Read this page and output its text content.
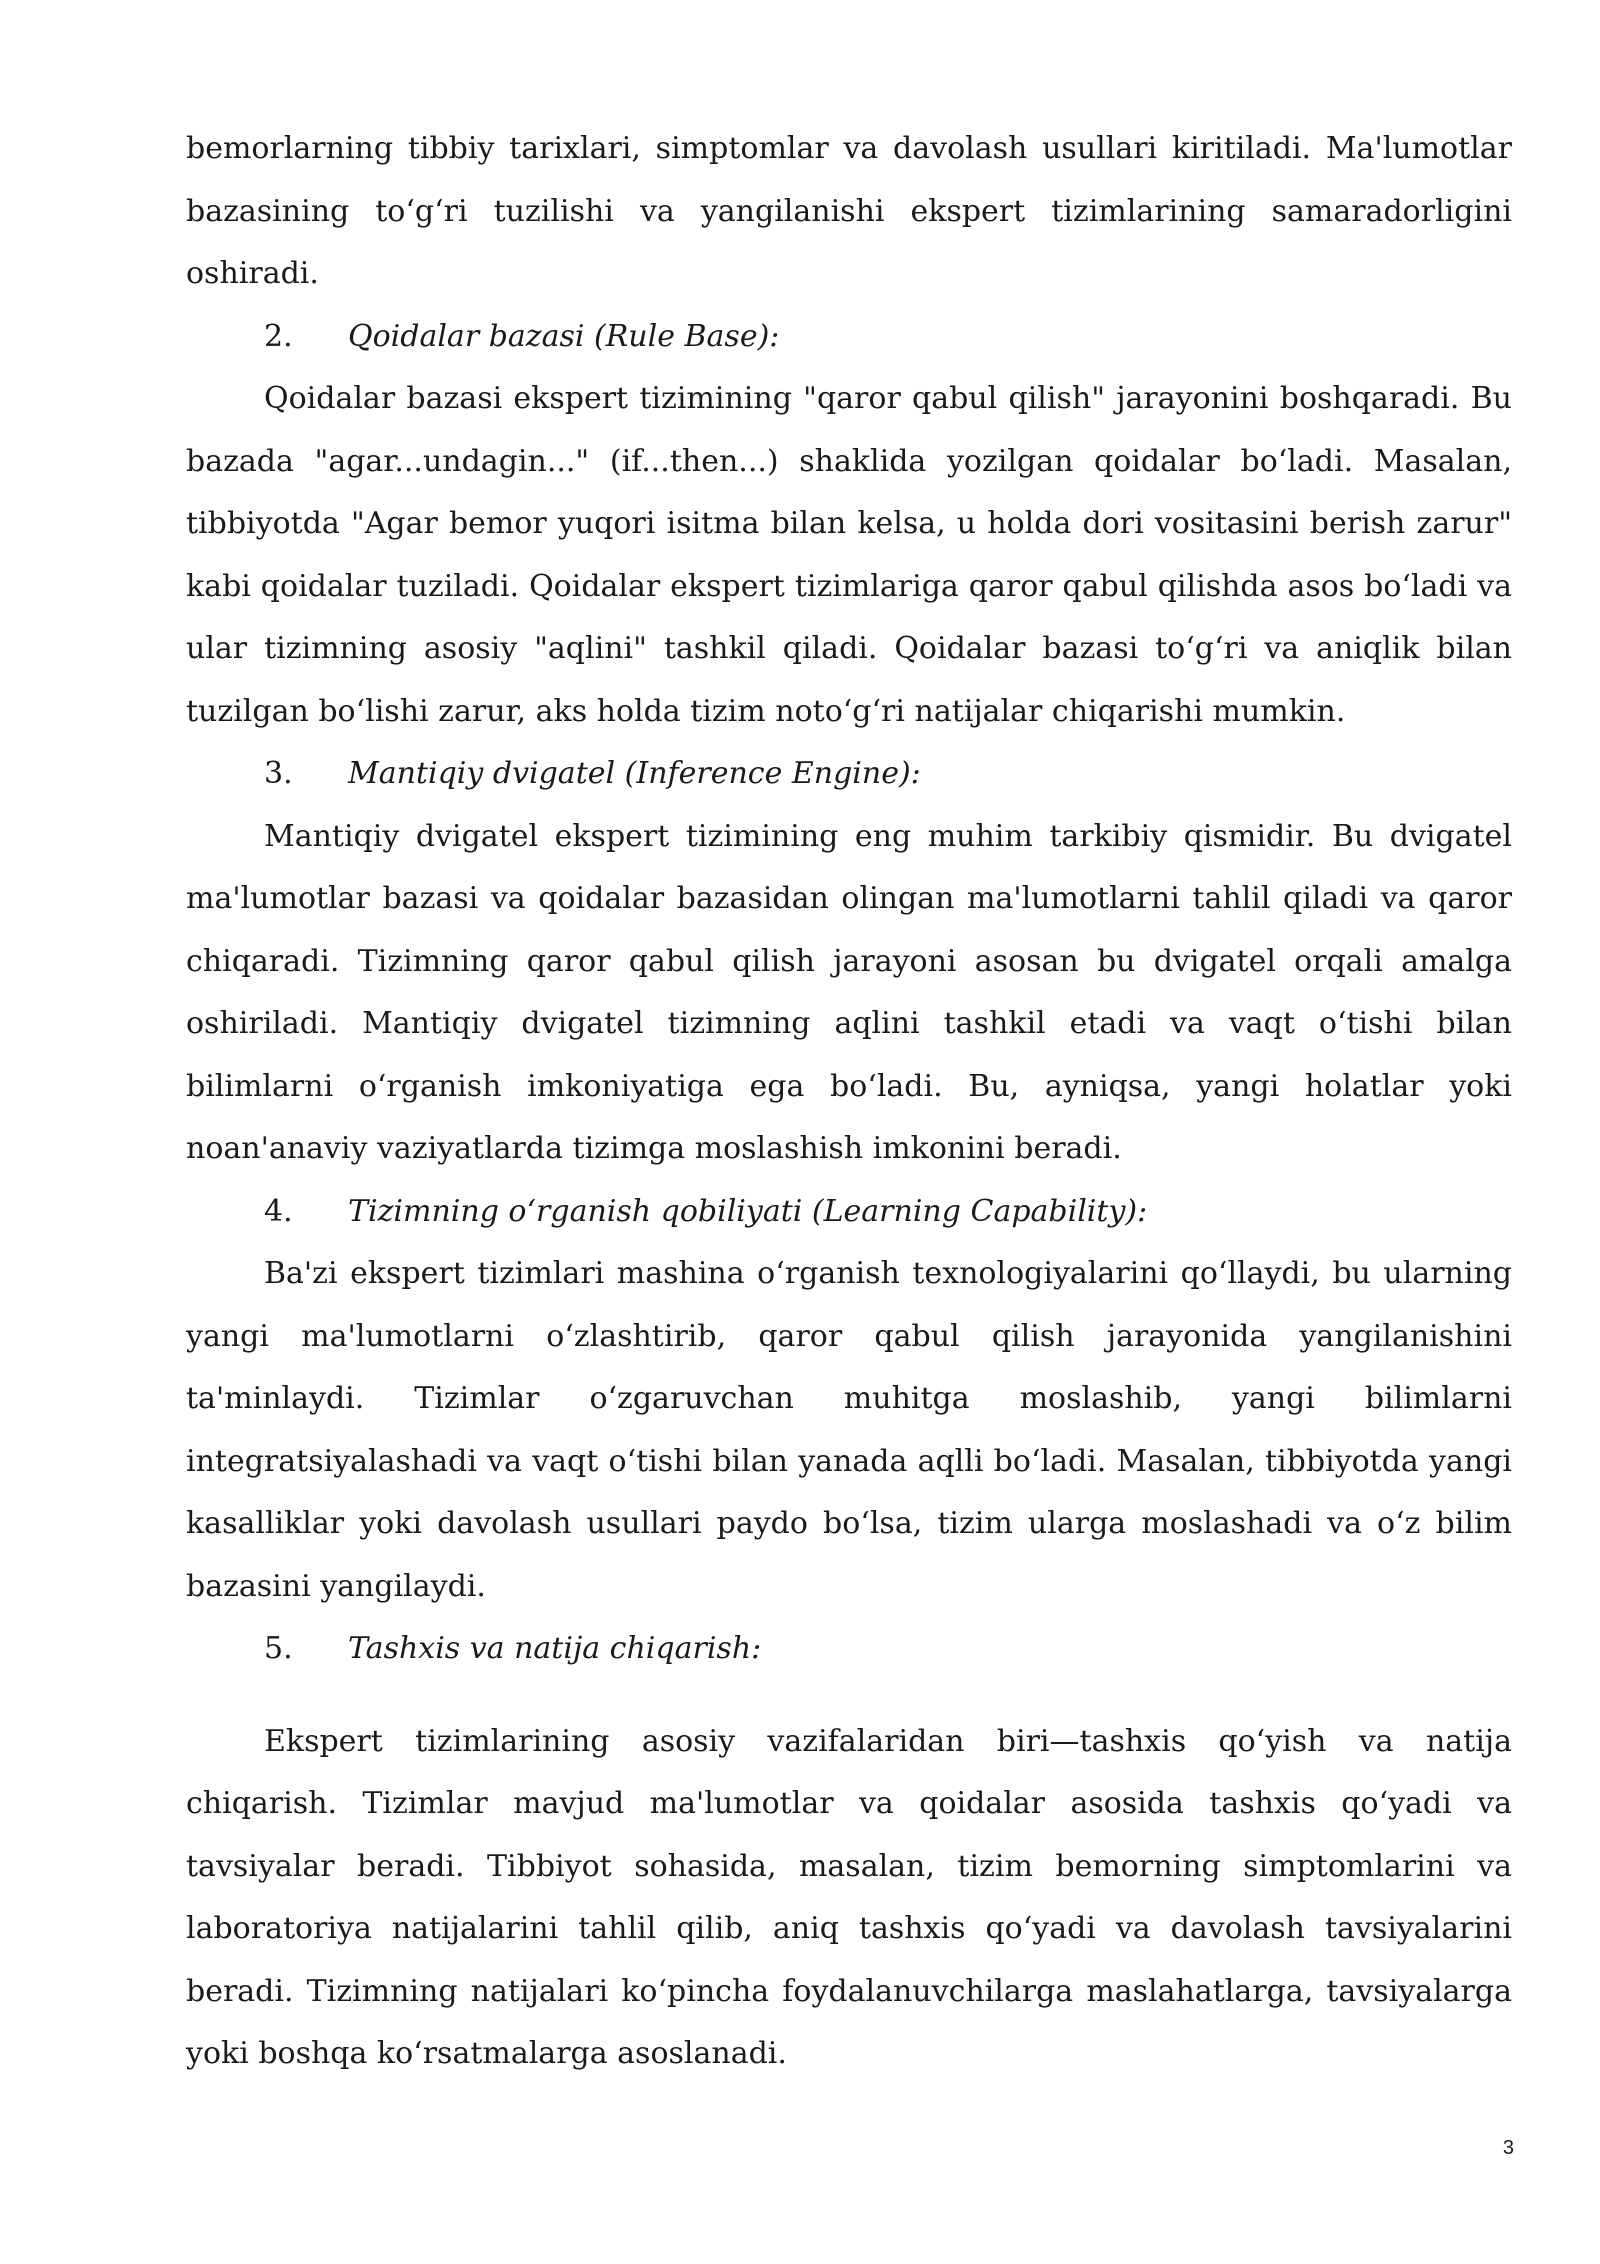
bemorlarning tibbiy tarixlari, simptomlar va davolash usullari kiritiladi. Ma'lumotlar bazasining to‘g‘ri tuzilishi va yangilanishi ekspert tizimlarining samaradorligini oshiradi.

2.	Qoidalar bazasi (Rule Base):

Qoidalar bazasi ekspert tizimining "qaror qabul qilish" jarayonini boshqaradi. Bu bazada "agar...undagin..." (if...then...) shaklida yozilgan qoidalar bo‘ladi. Masalan, tibbiyotda "Agar bemor yuqori isitma bilan kelsa, u holda dori vositasini berish zarur" kabi qoidalar tuziladi. Qoidalar ekspert tizimlariga qaror qabul qilishda asos bo‘ladi va ular tizimning asosiy "aqlini" tashkil qiladi. Qoidalar bazasi to‘g‘ri va aniqlik bilan tuzilgan bo‘lishi zarur, aks holda tizim noto‘g‘ri natijalar chiqarishi mumkin.

3.	Mantiqiy dvigatel (Inference Engine):

Mantiqiy dvigatel ekspert tizimining eng muhim tarkibiy qismidir. Bu dvigatel ma'lumotlar bazasi va qoidalar bazasidan olingan ma'lumotlarni tahlil qiladi va qaror chiqaradi. Tizimning qaror qabul qilish jarayoni asosan bu dvigatel orqali amalga oshiriladi. Mantiqiy dvigatel tizimning aqlini tashkil etadi va vaqt o‘tishi bilan bilimlarni o‘rganish imkoniyatiga ega bo‘ladi. Bu, ayniqsa, yangi holatlar yoki noan'anaviy vaziyatlarda tizimga moslashish imkonini beradi.

4.	Tizimning o‘rganish qobiliyati (Learning Capability):

Ba'zi ekspert tizimlari mashina o‘rganish texnologiyalarini qo‘llaydi, bu ularning yangi ma'lumotlarni o‘zlashtirib, qaror qabul qilish jarayonida yangilanishini ta'minlaydi. Tizimlar o‘zgaruvchan muhitga moslashib, yangi bilimlarni integratsiyalashadi va vaqt o‘tishi bilan yanada aqlli bo‘ladi. Masalan, tibbiyotda yangi kasalliklar yoki davolash usullari paydo bo‘lsa, tizim ularga moslashadi va o‘z bilim bazasini yangilaydi.

5.	Tashxis va natija chiqarish:

Ekspert tizimlarining asosiy vazifalaridan biri—tashxis qo‘yish va natija chiqarish. Tizimlar mavjud ma'lumotlar va qoidalar asosida tashxis qo‘yadi va tavsiyalar beradi. Tibbiyot sohasida, masalan, tizim bemorning simptomlarini va laboratoriya natijalarini tahlil qilib, aniq tashxis qo‘yadi va davolash tavsiyalarini beradi. Tizimning natijalari ko‘pincha foydalanuvchilarga maslahatlarga, tavsiyalarga yoki boshqa ko‘rsatmalarga asoslanadi.

3
